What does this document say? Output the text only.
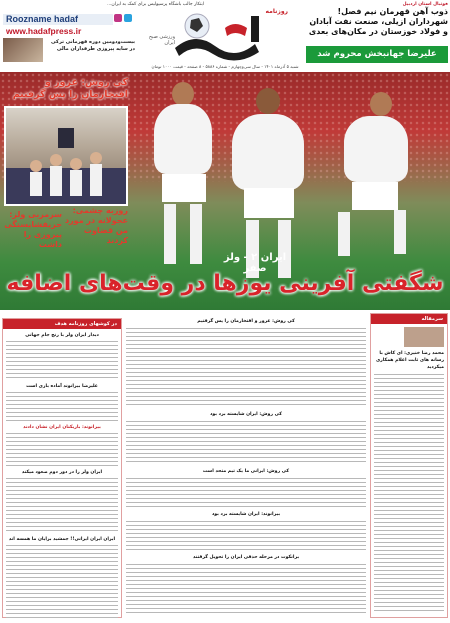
ابتکار جالب باشگاه پرسپولیس برای کمک به ایران...
Roozname hadaf
www.hadafpress.ir
بیست‌ودومین دوره قهرمانی ترکی در سایه پیروزی طرفداران مالی
روزنامه
ورزشی صبح ایران
شنبه ۵ آذرماه ۱۴۰۱ - سال سی‌وچهارم - شماره ۵۸۸۶ - ۸ صفحه - قیمت ۱۰۰۰ تومان
فوتبال استان اردبیل
ذوب آهن قهرمان نیم فصل! شهرداران ازیلی، صنعت نفت آبادان و فولاد خوزستان در مکان‌های بعدی
علیرضا جهانبخش محروم شد
کی روش: غرور و افتخارمان را پس گرفتیم
سرمربی ولز: حریفشایستگی پیروزی را داشت
روزبه چشمی: عجولانه در مورد من قضاوت کردند
ایران ۲ - ولز صفر
شگفتی آفرینی یوزها در وقت‌های اضافه
در کوشهای روزنامه هدف
دیدار ایران ولز با رنج جام جهانی
علیرضا بیرانوند آماده بازی است
بیرانوند: بازیکنان ایران نشان دادند
ایران ولز را در دور دوم صعود میکند
ایران ایران ایرانی!! جمشید برایان ما همسه اند
کی روش: غرور و افتخارمان را پس گرفتیم
کی روش: ایران شایسته برد بود
کی روش: ایرانی ما یک تیم متحد است
بیرانوند: ایران شایسته برد بود
برانکوت در مرحله حذفی ایران را تحویل گرفتند
سرمقاله
محمد رضا خنیری: ای کاش با رسانه های ثابت اعلام همکاری میکردید
